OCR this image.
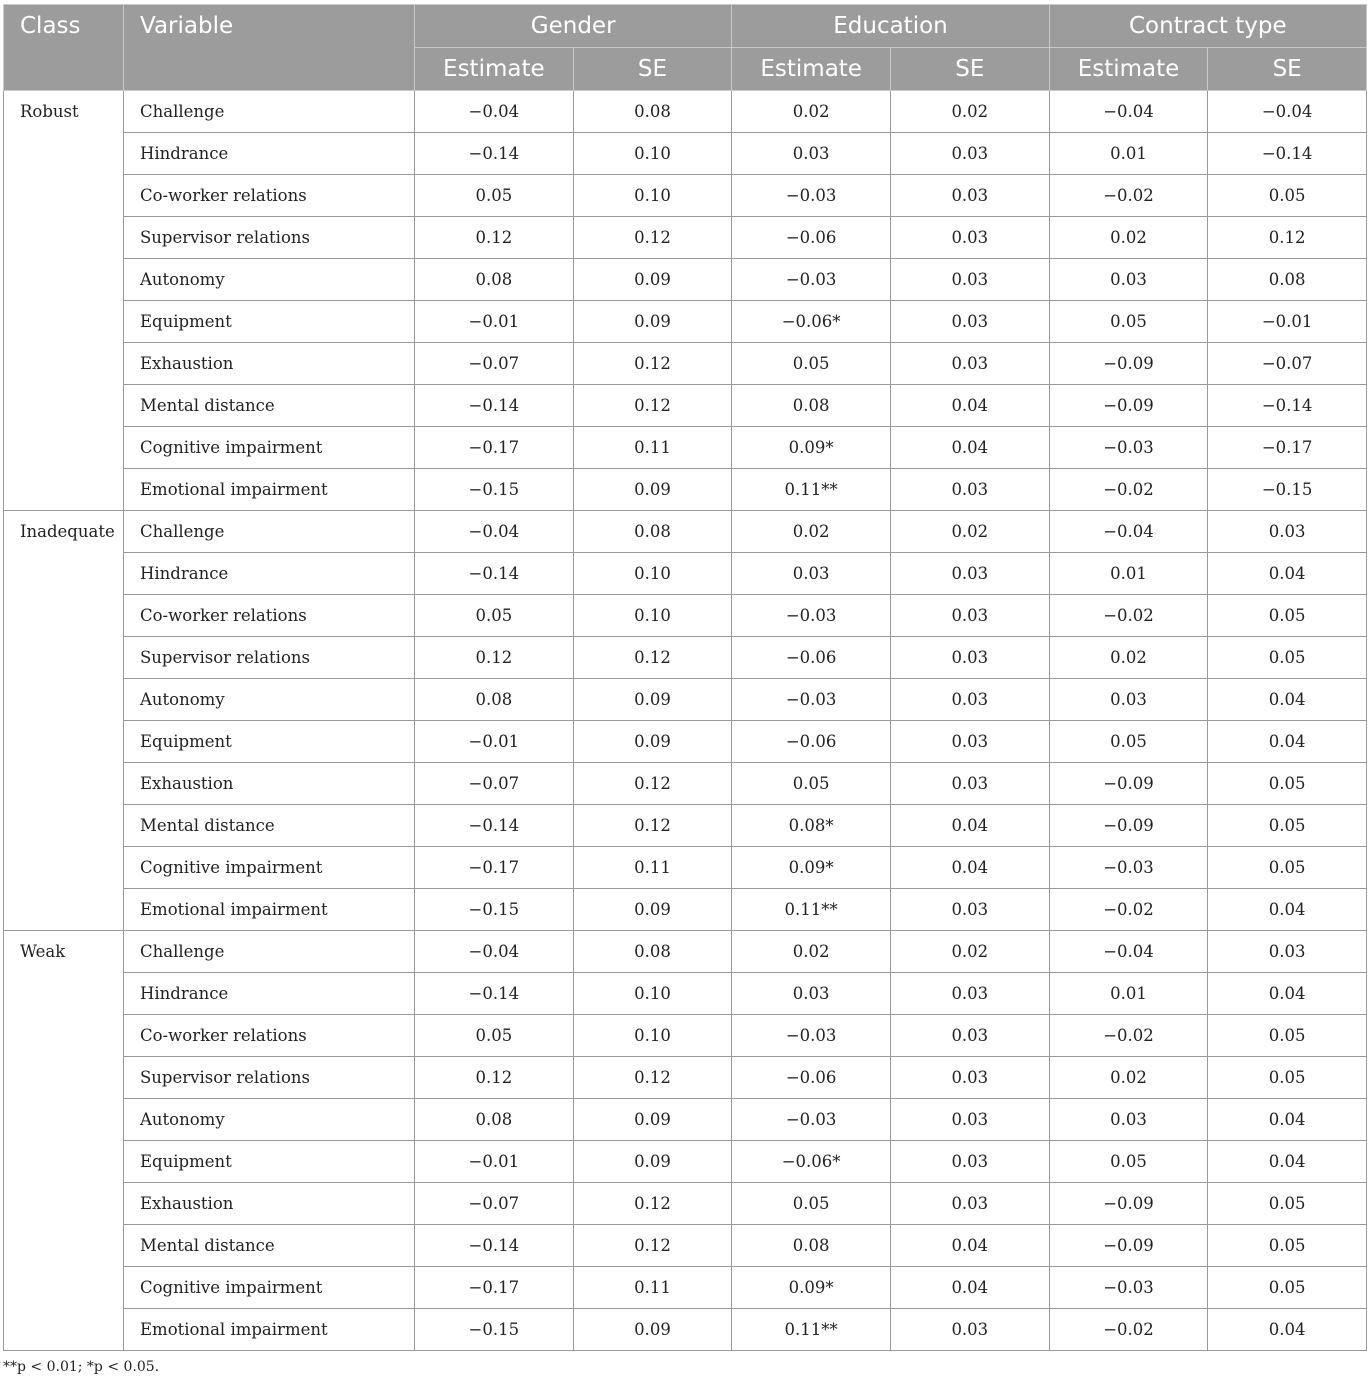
Class	Variable	Gender		Education		Contract type	
		Estimate	SE	Estimate	SE	Estimate	SE
Robust	Challenge	−0.04	0.08	0.02	0.02	−0.04	−0.04
	Hindrance	−0.14	0.10	0.03	0.03	0.01	−0.14
	Co-worker relations	0.05	0.10	−0.03	0.03	−0.02	0.05
	Supervisor relations	0.12	0.12	−0.06	0.03	0.02	0.12
	Autonomy	0.08	0.09	−0.03	0.03	0.03	0.08
	Equipment	−0.01	0.09	−0.06*	0.03	0.05	−0.01
	Exhaustion	−0.07	0.12	0.05	0.03	−0.09	−0.07
	Mental distance	−0.14	0.12	0.08	0.04	−0.09	−0.14
	Cognitive impairment	−0.17	0.11	0.09*	0.04	−0.03	−0.17
	Emotional impairment	−0.15	0.09	0.11**	0.03	−0.02	−0.15
Inadequate	Challenge	−0.04	0.08	0.02	0.02	−0.04	0.03
	Hindrance	−0.14	0.10	0.03	0.03	0.01	0.04
	Co-worker relations	0.05	0.10	−0.03	0.03	−0.02	0.05
	Supervisor relations	0.12	0.12	−0.06	0.03	0.02	0.05
	Autonomy	0.08	0.09	−0.03	0.03	0.03	0.04
	Equipment	−0.01	0.09	−0.06	0.03	0.05	0.04
	Exhaustion	−0.07	0.12	0.05	0.03	−0.09	0.05
	Mental distance	−0.14	0.12	0.08*	0.04	−0.09	0.05
	Cognitive impairment	−0.17	0.11	0.09*	0.04	−0.03	0.05
	Emotional impairment	−0.15	0.09	0.11**	0.03	−0.02	0.04
Weak	Challenge	−0.04	0.08	0.02	0.02	−0.04	0.03
	Hindrance	−0.14	0.10	0.03	0.03	0.01	0.04
	Co-worker relations	0.05	0.10	−0.03	0.03	−0.02	0.05
	Supervisor relations	0.12	0.12	−0.06	0.03	0.02	0.05
	Autonomy	0.08	0.09	−0.03	0.03	0.03	0.04
	Equipment	−0.01	0.09	−0.06*	0.03	0.05	0.04
	Exhaustion	−0.07	0.12	0.05	0.03	−0.09	0.05
	Mental distance	−0.14	0.12	0.08	0.04	−0.09	0.05
	Cognitive impairment	−0.17	0.11	0.09*	0.04	−0.03	0.05
	Emotional impairment	−0.15	0.09	0.11**	0.03	−0.02	0.04
**p < 0.01; *p < 0.05.
